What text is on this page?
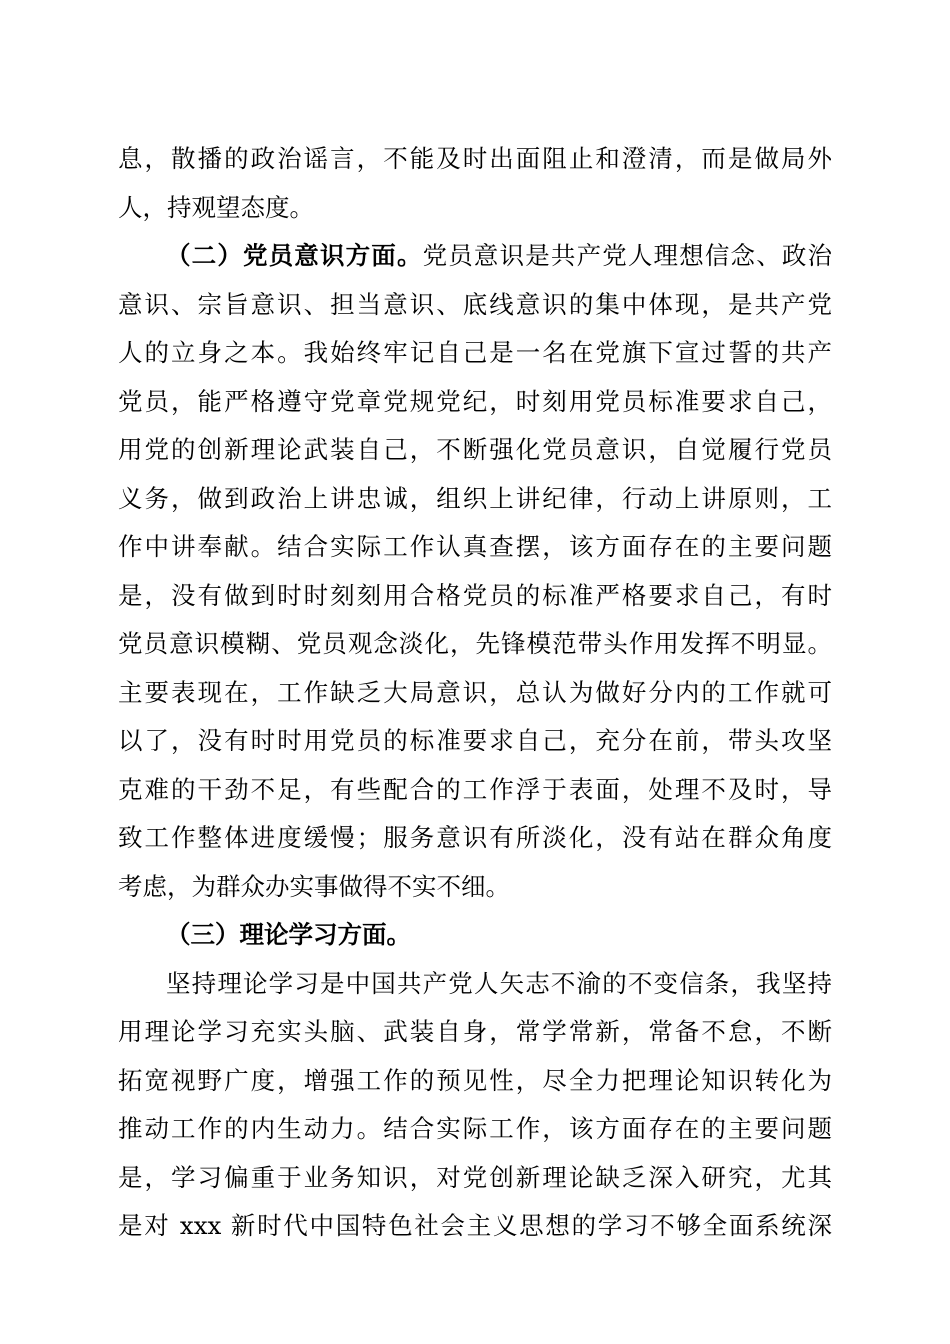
息，散播的政治谣言，不能及时出面阻止和澄清，而是做局外
人，持观望态度。
（二）党员意识方面。党员意识是共产党人理想信念、政治
意识、宗旨意识、担当意识、底线意识的集中体现，是共产党
人的立身之本。我始终牢记自己是一名在党旗下宣过誓的共产
党员，能严格遵守党章党规党纪，时刻用党员标准要求自己，
用党的创新理论武装自己，不断强化党员意识，自觉履行党员
义务，做到政治上讲忠诚，组织上讲纪律，行动上讲原则，工
作中讲奉献。结合实际工作认真查摆，该方面存在的主要问题
是，没有做到时时刻刻用合格党员的标准严格要求自己，有时
党员意识模糊、党员观念淡化，先锋模范带头作用发挥不明显。
主要表现在，工作缺乏大局意识，总认为做好分内的工作就可
以了，没有时时用党员的标准要求自己，充分在前，带头攻坚
克难的干劲不足，有些配合的工作浮于表面，处理不及时，导
致工作整体进度缓慢；服务意识有所淡化，没有站在群众角度
考虑，为群众办实事做得不实不细。
（三）理论学习方面。
坚持理论学习是中国共产党人矢志不渝的不变信条，我坚持
用理论学习充实头脑、武装自身，常学常新，常备不怠，不断
拓宽视野广度，增强工作的预见性，尽全力把理论知识转化为
推动工作的内生动力。结合实际工作，该方面存在的主要问题
是，学习偏重于业务知识，对党创新理论缺乏深入研究，尤其
是对 xxx 新时代中国特色社会主义思想的学习不够全面系统深
